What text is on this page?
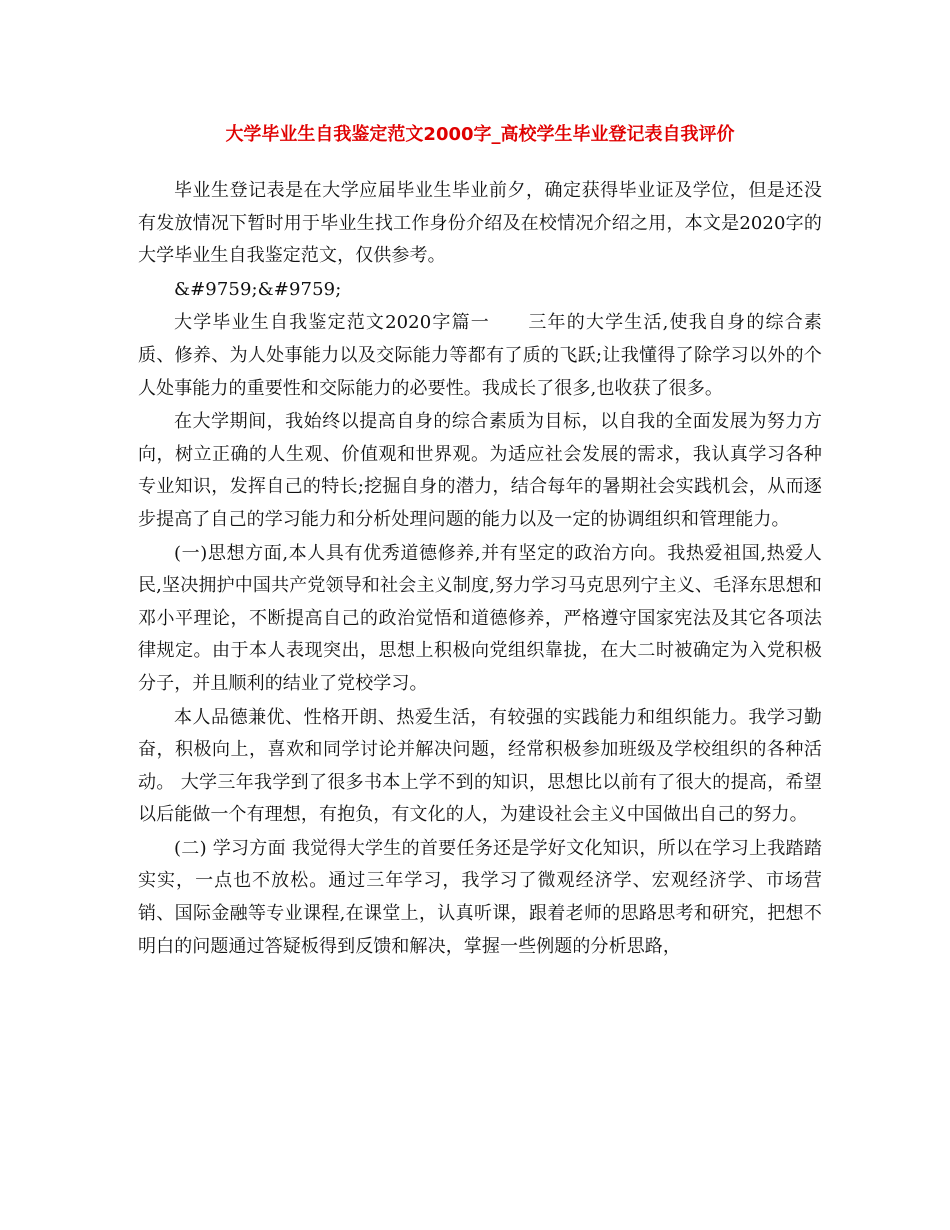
大学毕业生自我鉴定范文2000字_高校学生毕业登记表自我评价

毕业生登记表是在大学应届毕业生毕业前夕，确定获得毕业证及学位，但是还没有发放情况下暂时用于毕业生找工作身份介绍及在校情况介绍之用，本文是2020字的大学毕业生自我鉴定范文，仅供参考。

&#9759;&#9759;

大学毕业生自我鉴定范文2020字篇一　　三年的大学生活,使我自身的综合素质、修养、为人处事能力以及交际能力等都有了质的飞跃;让我懂得了除学习以外的个人处事能力的重要性和交际能力的必要性。我成长了很多,也收获了很多。

在大学期间，我始终以提高自身的综合素质为目标，以自我的全面发展为努力方向，树立正确的人生观、价值观和世界观。为适应社会发展的需求，我认真学习各种专业知识，发挥自己的特长;挖掘自身的潜力，结合每年的暑期社会实践机会，从而逐步提高了自己的学习能力和分析处理问题的能力以及一定的协调组织和管理能力。

(一)思想方面,本人具有优秀道德修养,并有坚定的政治方向。我热爱祖国,热爱人民,坚决拥护中国共产党领导和社会主义制度,努力学习马克思列宁主义、毛泽东思想和邓小平理论，不断提高自己的政治觉悟和道德修养，严格遵守国家宪法及其它各项法律规定。由于本人表现突出，思想上积极向党组织靠拢，在大二时被确定为入党积极分子，并且顺利的结业了党校学习。

本人品德兼优、性格开朗、热爱生活，有较强的实践能力和组织能力。我学习勤奋，积极向上，喜欢和同学讨论并解决问题，经常积极参加班级及学校组织的各种活动。 大学三年我学到了很多书本上学不到的知识，思想比以前有了很大的提高，希望以后能做一个有理想，有抱负，有文化的人，为建设社会主义中国做出自己的努力。

(二) 学习方面 我觉得大学生的首要任务还是学好文化知识，所以在学习上我踏踏实实，一点也不放松。通过三年学习，我学习了微观经济学、宏观经济学、市场营销、国际金融等专业课程,在课堂上，认真听课，跟着老师的思路思考和研究，把想不明白的问题通过答疑板得到反馈和解决，掌握一些例题的分析思路，
